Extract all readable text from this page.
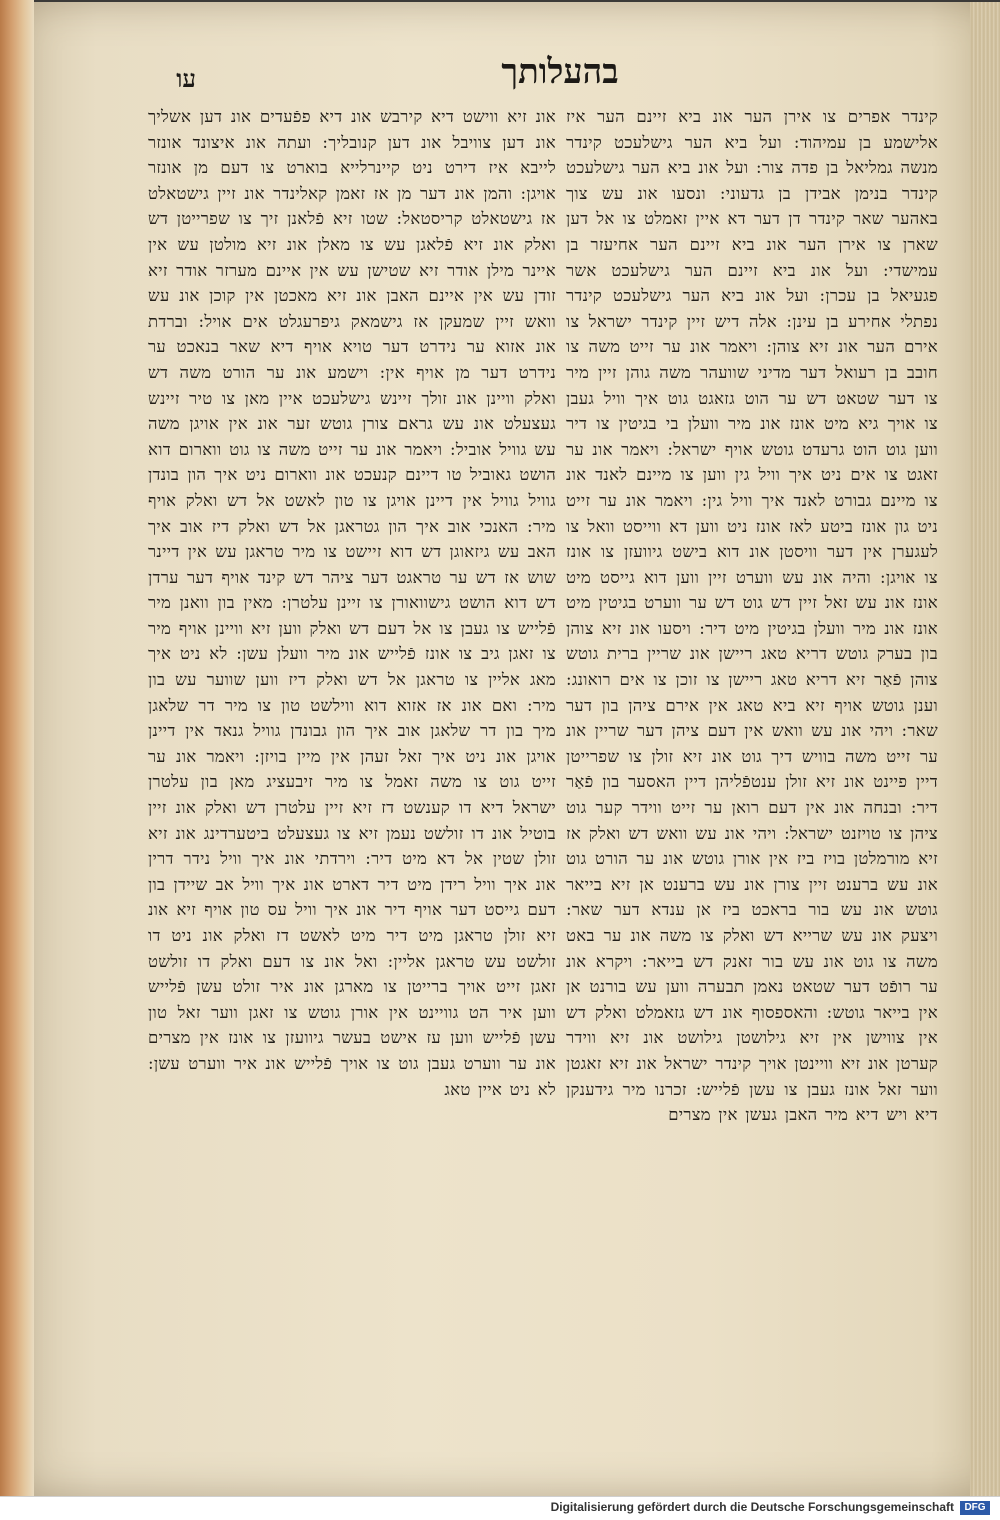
בהעלותך
עו

קינדר אפרים צו אירן הער אונ ביא זיינם הער איז אלישמע בן עמיהוד: ועל ביא הער גישלעכט קינדר מנשה גמליאל בן פדה צור: ועל אונ ביא הער גישלעכט קינדר בנימן אבידן בן גדעוני: ונסעו אונ עש צוך באהער שאר קינדר דן דער דא איין זאמלט צו אל דען שארן צו אירן הער אונ ביא זיינם הער אחיעזר בן עמישדי: ועל אונ ביא זיינם הער גישלעכט אשר פגעיאל בן עכרן: ועל אונ ביא הער גישלעכט קינדר נפתלי אחירע בן עינן: אלה דיש זיין קינדר ישראל צו אירם הער אונ זיא צוהן: ויאמר אונ ער זייט משה צו חובב בן רעואל דער מדיני שוועהר משה גוהן זיין מיר צו דער שטאט דש ער הוט גזאגט גוט איך וויל געבן צו אויך גיא מיט אונז אונ מיר וועלן בי בגיטין צו דיר ווען גוט הוט גרעדט גוטש אויף ישראל: ויאמר אונ ער זאגט צו אים ניט איך וויל גין ווען צו מיינם לאנד אונ צו מיינם גבורט לאנד איך וויל גין: ויאמר אונ ער זייט ניט גון אונז ביטע לאז אונז ניט ווען דא ווייסט וואל צו לעגערן אין דער וויסטן אונ דוא בישט גיוועזן צו אונז צו אויגן: והיה אונ עש ווערט זיין ווען דוא גייסט מיט אונז אונ עש זאל זיין דש גוט דש ער ווערט בגיטין מיט אונז אונ מיר וועלן בגיטין מיט דיר: ויסעו אונ זיא צוהן בון בערק גוטש דריא טאג ריישן אונ שריין ברית גוטש צוהן פֿאַר זיא דריא טאג ריישן צו זוכן צו אים רואונג: וענן גוטש אויף זיא ביא טאג אין אירם ציהן בון דער שאר: ויהי אונ עש וואש אין דעם ציהן דער שריין אונ ער זייט משה בוויש דיך גוט אונ זיא זולן צו שפרייטן דיין פיינט אונ זיא זולן ענטפֿליהן דיין האסער בון פֿאַר דיר: ובנחה אונ אין דעם רואן ער זייט ווידר קער גוט ציהן צו טויזנט ישראל: ויהי אונ עש וואש דש ואלק אז זיא מורמלטן בויז ביז אין אורן גוטש אונ ער הורט גוט אונ עש ברענט זיין צורן אונ עש ברענט אן זיא בייאר גוטש אונ עש בור בראכט ביז אן ענדא דער שאר: ויצעק אונ עש שרייא דש ואלק צו משה אונ ער באט משה צו גוט אונ עש בור זאנק דש בייאר: ויקרא אונ ער רופֿט דער שטאט נאמן תבערה ווען עש בורנט אן אין בייאר גוטש: והאספסוף אונ דש גזאמלט ואלק דש אין צווישן אין זיא גילושטן גילושט אונ זיא ווידר קערטן אונ זיא וויינטן אויך קינדר ישראל אונ זיא זאגטן ווער זאל אונז געבן צו עשן פֿלייש: זכרנו מיר גידענקן דיא ויש דיא מיר האבן געשן אין מצרים

אונ זיא ווישט דיא קירבש אונ דיא פפֿעדים אונ דען אשליך אונ דען צוויבל אונ דען קנובליך: ועתה אונ איצונד אונזר לייבא איז דירט ניט קיינרלייא בוארט צו דעם מן אונזר אויגן: והמן אונ דער מן אז זאמן קאלינדר אונ זיין גישטאלט אז גישטאלט קריסטאל: שטו זיא פֿלאנן זיך צו שפרייטן דש ואלק אונ זיא פֿלאגן עש צו מאלן אונ זיא מולטן עש אין איינר מילן אודר זיא שטישן עש אין איינם מערזר אודר זיא זודן עש אין איינם האבן אונ זיא מאכטן אין קוכן אונ עש וואש זיין שמעקן אז גישמאק גיפרעגלט אים אויל: וברדת אונ אזוא ער נידרט דער טויא אויף דיא שאר בנאכט ער נידרט דער מן אויף אין: וישמע אונ ער הורט משה דש ואלק וויינן אונ זולך זיינש גישלעכט איין מאן צו טיר זיינש געצעלט אונ עש גראם צורן גוטש זער אונ אין אויגן משה עש גוויל אוביל: ויאמר אונ ער זייט משה צו גוט ווארום דוא הושט גאוביל טו דיינם קנעכט אונ ווארום ניט איך הון בונדן גוויל גוויל אין דיינן אויגן צו טון לאשט אל דש ואלק אויף מיר: האנכי אוב איך הון גטראגן אל דש ואלק דיז אוב איך האב עש גיזאוגן דש דוא זיישט צו מיר טראגן עש אין דיינר שוש אז דש ער טראגט דער ציהר דש קינד אויף דער ערדן דש דוא הושט גישוואורן צו זיינן עלטרן: מאין בון וואנן מיר פֿלייש צו געבן צו אל דעם דש ואלק ווען זיא וויינן אויף מיר צו זאגן גיב צו אונז פֿלייש אונ מיר וועלן עשן: לא ניט איך מאג אליין צו טראגן אל דש ואלק דיז ווען שווער עש בון מיר: ואם אונ אז אזוא דוא ווילשט טון צו מיר דר שלאגן מיך בון דר שלאגן אוב איך הון גבונדן גוויל גנאד אין דיינן אויגן אונ ניט איך זאל זעהן אין מיין בויזן: ויאמר אונ ער זייט גוט צו משה זאמל צו מיר זיבעציג מאן בון עלטרן ישראל דיא דו קענשט דז זיא זיין עלטרן דש ואלק אונ זיין בוטיל אונ דו זולשט נעמן זיא צו געצעלט ביטערדינג אונ זיא זולן שטין אל דא מיט דיר: וירדתי אונ איך וויל נידר דרין אונ איך וויל רידן מיט דיר דארט אונ איך וויל אב שיידן בון דעם גייסט דער אויף דיר אונ איך וויל עס טון אויף זיא אונ זיא זולן טראגן מיט דיר מיט לאשט דז ואלק אונ ניט דו זולשט עש טראגן אליין: ואל אונ צו דעם ואלק דו זולשט זאגן זייט אויך ברייטן צו מארגן אונ איר זולט עשן פֿלייש ווען איר הט גוויינט אין אורן גוטש צו זאגן ווער זאל טון עשן פֿלייש ווען עז אישט בעשר גיוועזן צו אונז אין מצרים אונ ער ווערט געבן גוט צו אויך פֿלייש אונ איר ווערט עשן: לא ניט איין טאג

Digitalisierung gefördert durch die Deutsche Forschungsgemeinschaft	DFG
